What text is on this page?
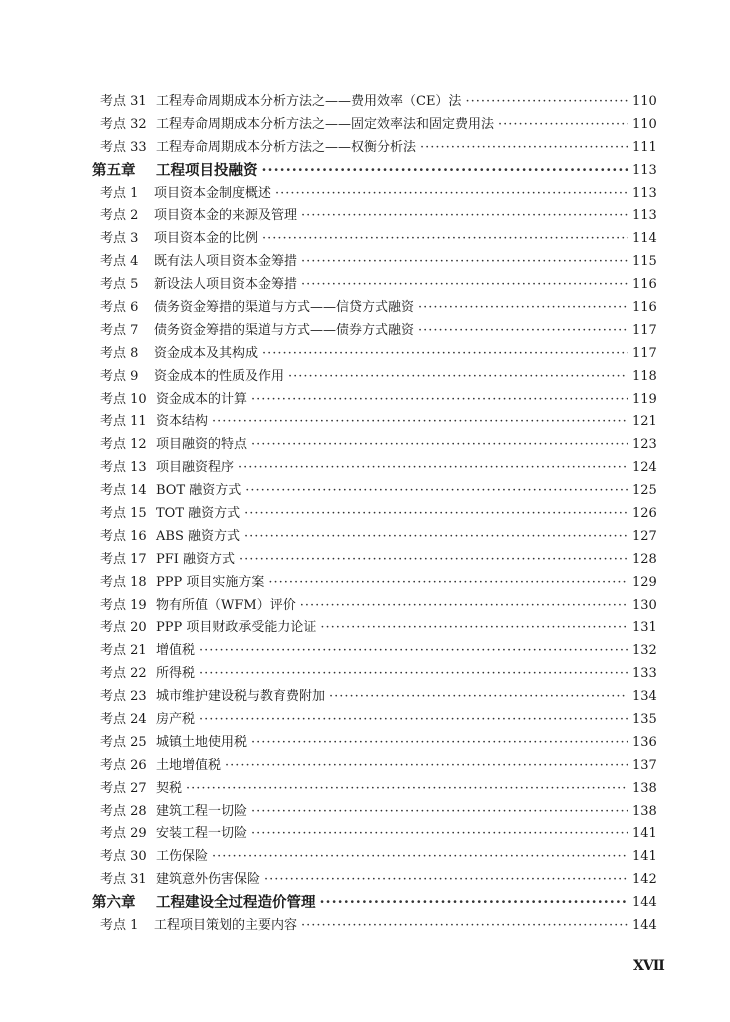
考点 31 工程寿命周期成本分析方法之——费用效率（CE）法 ·····	110
考点 32 工程寿命周期成本分析方法之——固定效率法和固定费用法 ·····	110
考点 33 工程寿命周期成本分析方法之——权衡分析法 ·····	111
第五章	工程项目投融资 ·····	113
考点 1	项目资本金制度概述 ·····	113
考点 2	项目资本金的来源及管理 ·····	113
考点 3	项目资本金的比例 ·····	114
考点 4	既有法人项目资本金筹措 ·····	115
考点 5	新设法人项目资本金筹措 ·····	116
考点 6	债务资金筹措的渠道与方式——信贷方式融资 ·····	116
考点 7	债务资金筹措的渠道与方式——债券方式融资 ·····	117
考点 8	资金成本及其构成 ·····	117
考点 9	资金成本的性质及作用 ·····	118
考点 10 资金成本的计算 ·····	119
考点 11 资本结构 ·····	121
考点 12 项目融资的特点 ·····	123
考点 13 项目融资程序 ·····	124
考点 14 BOT 融资方式 ·····	125
考点 15 TOT 融资方式 ·····	126
考点 16 ABS 融资方式 ·····	127
考点 17 PFI 融资方式 ·····	128
考点 18 PPP 项目实施方案 ·····	129
考点 19 物有所值（WFM）评价 ·····	130
考点 20 PPP 项目财政承受能力论证 ·····	131
考点 21 增值税 ·····	132
考点 22 所得税 ·····	133
考点 23 城市维护建设税与教育费附加 ·····	134
考点 24 房产税 ·····	135
考点 25 城镇土地使用税 ·····	136
考点 26 土地增值税 ·····	137
考点 27 契税 ·····	138
考点 28 建筑工程一切险 ·····	138
考点 29 安装工程一切险 ·····	141
考点 30 工伤保险 ·····	141
考点 31 建筑意外伤害保险 ·····	142
第六章	工程建设全过程造价管理 ·····	144
考点 1	工程项目策划的主要内容 ·····	144
XVII
